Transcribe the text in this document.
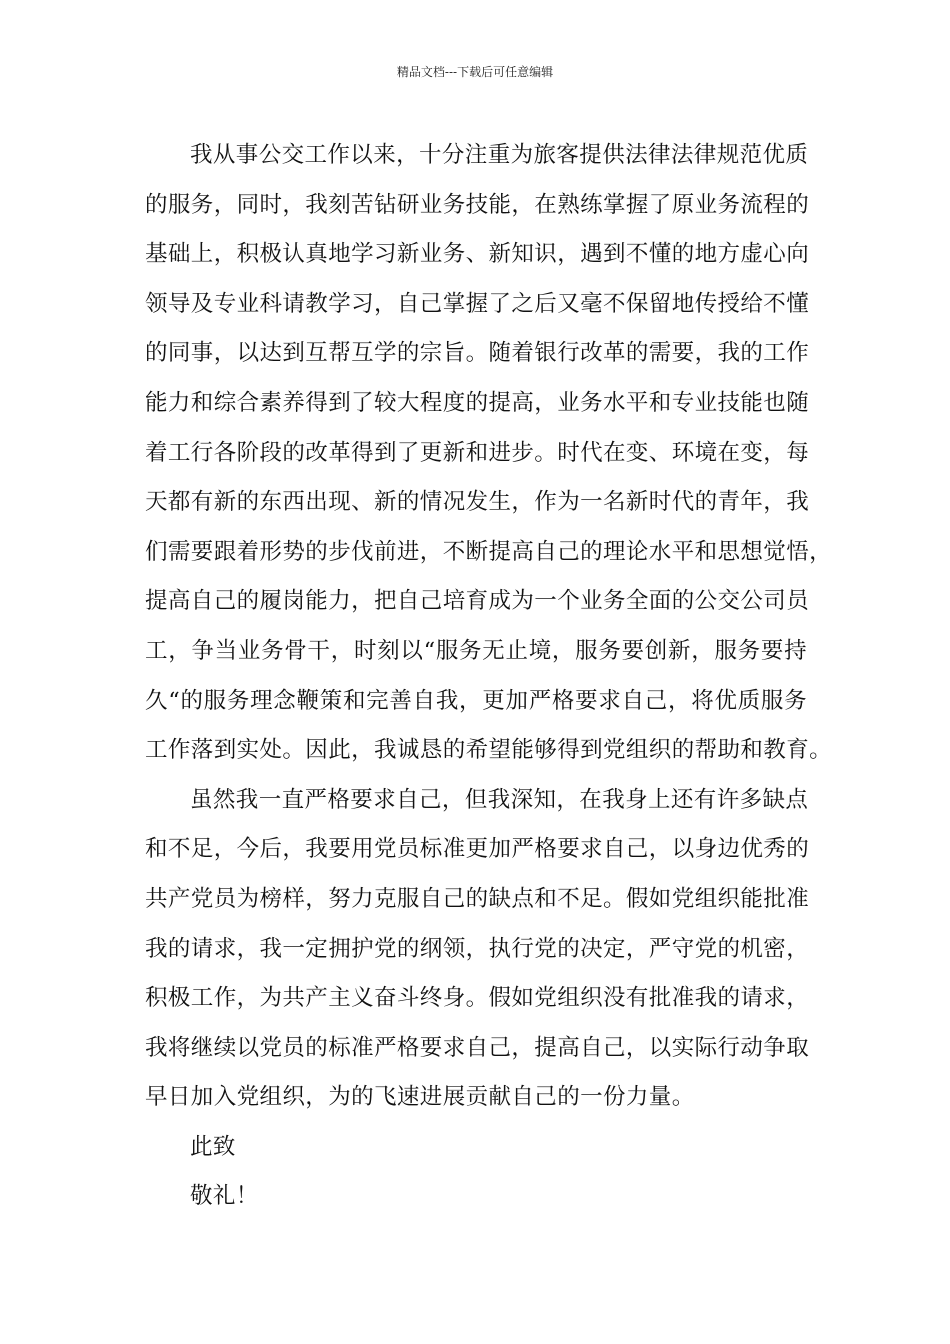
精品文档---下载后可任意编辑
我从事公交工作以来，十分注重为旅客提供法律法律规范优质
的服务，同时，我刻苦钻研业务技能，在熟练掌握了原业务流程的
基础上，积极认真地学习新业务、新知识，遇到不懂的地方虚心向
领导及专业科请教学习，自己掌握了之后又毫不保留地传授给不懂
的同事，以达到互帮互学的宗旨。随着银行改革的需要，我的工作
能力和综合素养得到了较大程度的提高，业务水平和专业技能也随
着工行各阶段的改革得到了更新和进步。时代在变、环境在变，每
天都有新的东西出现、新的情况发生，作为一名新时代的青年，我
们需要跟着形势的步伐前进，不断提高自己的理论水平和思想觉悟，
提高自己的履岗能力，把自己培育成为一个业务全面的公交公司员
工，争当业务骨干，时刻以“服务无止境，服务要创新，服务要持
久“的服务理念鞭策和完善自我，更加严格要求自己，将优质服务
工作落到实处。因此，我诚恳的希望能够得到党组织的帮助和教育。
虽然我一直严格要求自己，但我深知，在我身上还有许多缺点
和不足，今后，我要用党员标准更加严格要求自己，以身边优秀的
共产党员为榜样，努力克服自己的缺点和不足。假如党组织能批准
我的请求，我一定拥护党的纲领，执行党的决定，严守党的机密，
积极工作，为共产主义奋斗终身。假如党组织没有批准我的请求，
我将继续以党员的标准严格要求自己，提高自己，以实际行动争取
早日加入党组织，为的飞速进展贡献自己的一份力量。
此致
敬礼！
